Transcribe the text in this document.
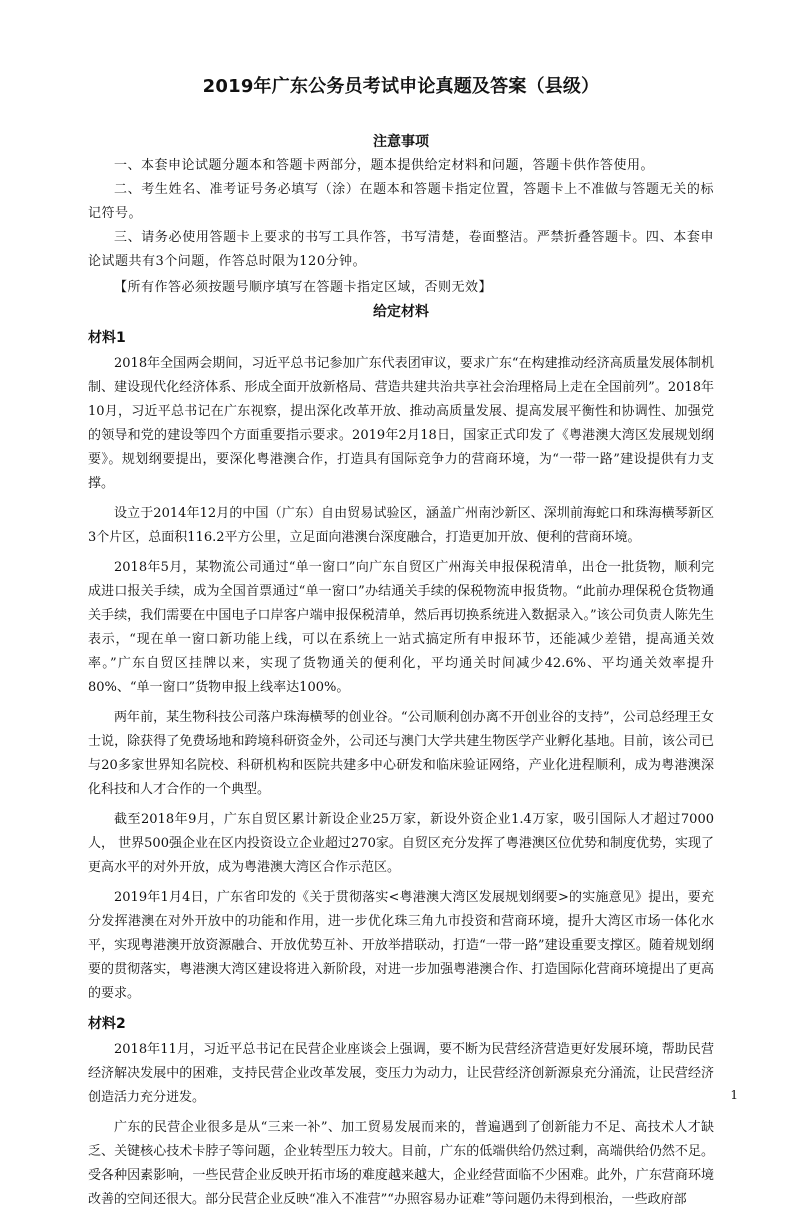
2019年广东公务员考试申论真题及答案（县级）
注意事项

一、本套申论试题分题本和答题卡两部分，题本提供给定材料和问题，答题卡供作答使用。

二、考生姓名、准考证号务必填写（涂）在题本和答题卡指定位置，答题卡上不准做与答题无关的标记符号。

三、请务必使用答题卡上要求的书写工具作答，书写清楚，卷面整洁。严禁折叠答题卡。四、本套申论试题共有3个问题，作答总时限为120分钟。

【所有作答必须按题号顺序填写在答题卡指定区域，否则无效】

给定材料
材料1

2018年全国两会期间，习近平总书记参加广东代表团审议，要求广东“在构建推动经济高质量发展体制机制、建设现代化经济体系、形成全面开放新格局、营造共建共治共享社会治理格局上走在全国前列”。2018年10月，习近平总书记在广东视察，提出深化改革开放、推动高质量发展、提高发展平衡性和协调性、加强党的领导和党的建设等四个方面重要指示要求。2019年2月18日，国家正式印发了《粤港澳大湾区发展规划纲要》。规划纲要提出，要深化粤港澳合作，打造具有国际竞争力的营商环境，为“一带一路”建设提供有力支撑。

设立于2014年12月的中国（广东）自由贸易试验区，涵盖广州南沙新区、深圳前海蛇口和珠海横琴新区3个片区，总面积116.2平方公里，立足面向港澳台深度融合，打造更加开放、便利的营商环境。

2018年5月，某物流公司通过“单一窗口”向广东自贸区广州海关申报保税清单，出仓一批货物，顺利完成进口报关手续，成为全国首票通过“单一窗口”办结通关手续的保税物流申报货物。“此前办理保税仓货物通关手续，我们需要在中国电子口岸客户端申报保税清单，然后再切换系统进入数据录入。”该公司负责人陈先生表示，“现在单一窗口新功能上线，可以在系统上一站式搞定所有申报环节，还能减少差错，提高通关效率。”广东自贸区挂牌以来，实现了货物通关的便利化，平均通关时间减少42.6%、平均通关效率提升80%、“单一窗口”货物申报上线率达100%。

两年前，某生物科技公司落户珠海横琴的创业谷。“公司顺利创办离不开创业谷的支持”，公司总经理王女士说，除获得了免费场地和跨境科研资金外，公司还与澳门大学共建生物医学产业孵化基地。目前，该公司已与20多家世界知名院校、科研机构和医院共建多中心研发和临床验证网络，产业化进程顺利，成为粤港澳深化科技和人才合作的一个典型。

截至2018年9月，广东自贸区累计新设企业25万家，新设外资企业1.4万家，吸引国际人才超过7000人， 世界500强企业在区内投资设立企业超过270家。自贸区充分发挥了粤港澳区位优势和制度优势，实现了更高水平的对外开放，成为粤港澳大湾区合作示范区。

2019年1月4日，广东省印发的《关于贯彻落实<粤港澳大湾区发展规划纲要>的实施意见》提出，要充分发挥港澳在对外开放中的功能和作用，进一步优化珠三角九市投资和营商环境，提升大湾区市场一体化水平，实现粤港澳开放资源融合、开放优势互补、开放举措联动，打造“一带一路”建设重要支撑区。随着规划纲要的贯彻落实，粤港澳大湾区建设将进入新阶段，对进一步加强粤港澳合作、打造国际化营商环境提出了更高的要求。

材料2

2018年11月，习近平总书记在民营企业座谈会上强调，要不断为民营经济营造更好发展环境，帮助民营经济解决发展中的困难，支持民营企业改革发展，变压力为动力，让民营经济创新源泉充分涌流，让民营经济创造活力充分迸发。

广东的民营企业很多是从“三来一补”、加工贸易发展而来的，普遍遇到了创新能力不足、高技术人才缺乏、关键核心技术卡脖子等问题，企业转型压力较大。目前，广东的低端供给仍然过剩，高端供给仍然不足。受各种因素影响，一些民营企业反映开拓市场的难度越来越大，企业经营面临不少困难。此外，广东营商环境改善的空间还很大。部分民营企业反映“准入不准营”“办照容易办证难”等问题仍未得到根治，一些政府部

1
